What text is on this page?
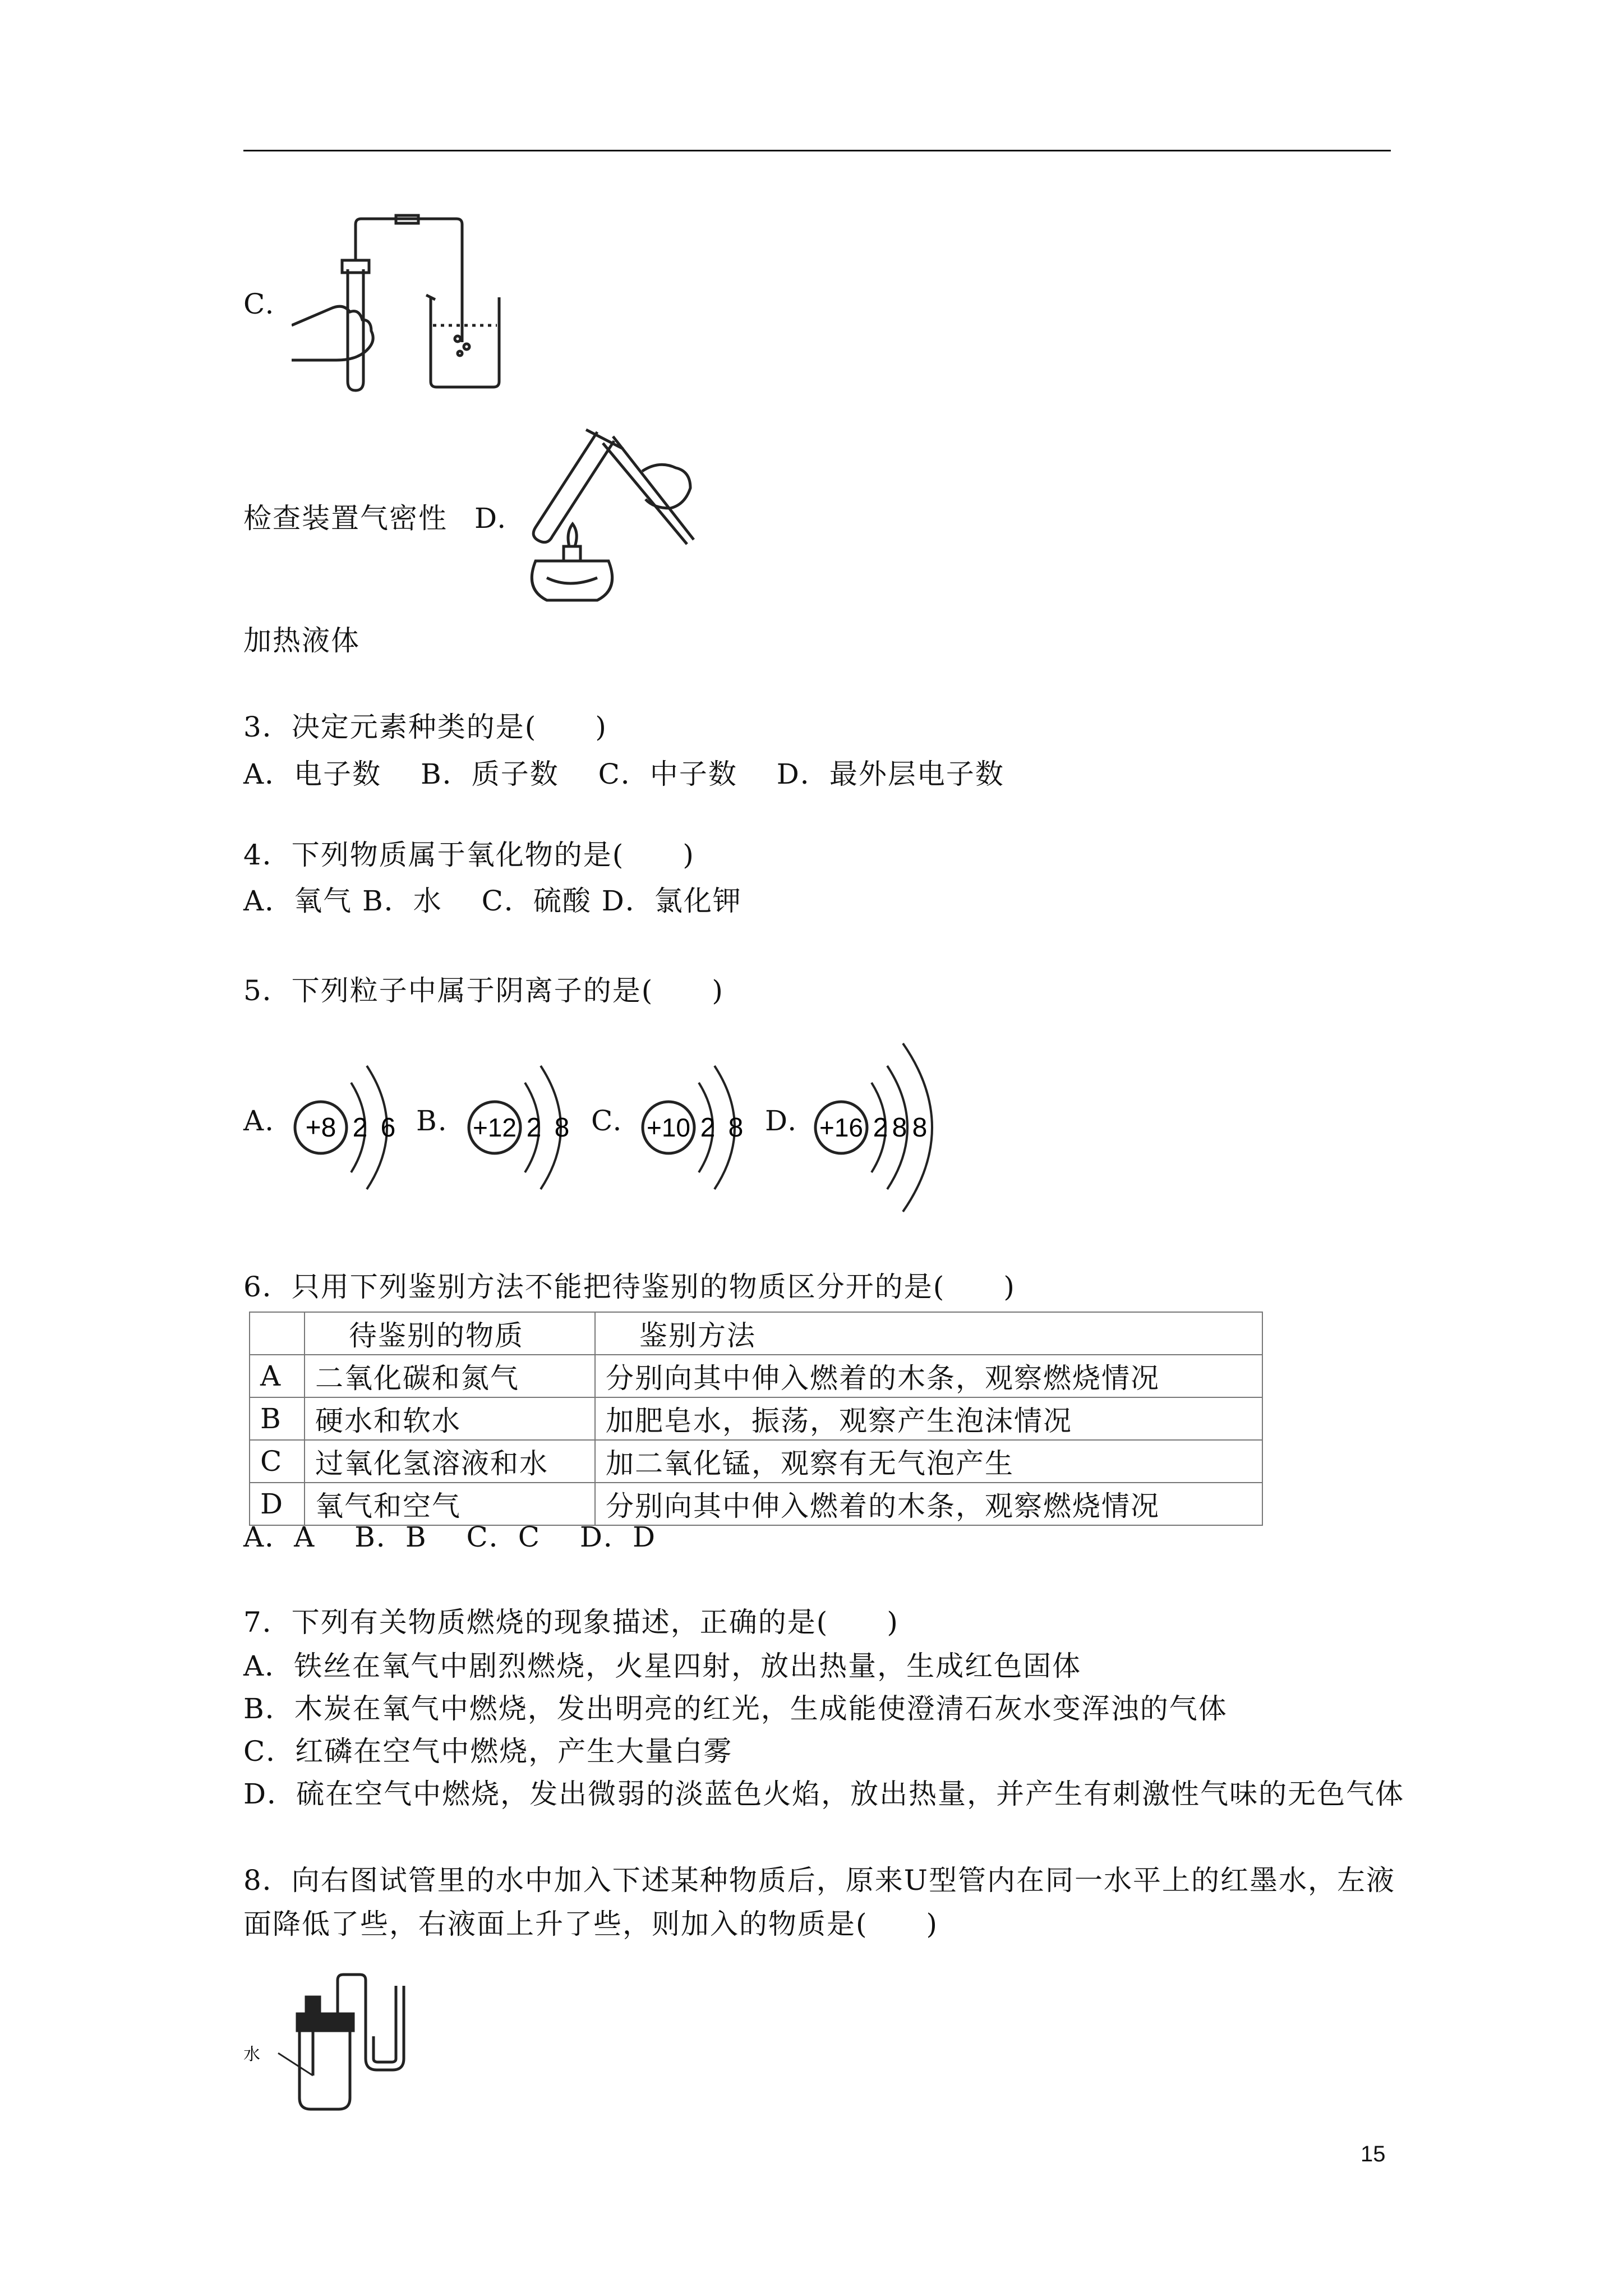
C.
检查装置气密性 D.
加热液体
3．决定元素种类的是(　　)
A．电子数　 B．质子数　 C．中子数　 D．最外层电子数
4．下列物质属于氧化物的是(　　)
A．氧气 B．水　 C．硫酸 D．氯化钾
5．下列粒子中属于阴离子的是(　　)
A. +8 2 6 B. +12 2 8 C. +10 2 8 D. +16 2 8 8
6．只用下列鉴别方法不能把待鉴别的物质区分开的是(　　)
	待鉴别的物质	鉴别方法
A	二氧化碳和氮气	分别向其中伸入燃着的木条，观察燃烧情况
B	硬水和软水	加肥皂水，振荡，观察产生泡沫情况
C	过氧化氢溶液和水	加二氧化锰，观察有无气泡产生
D	氧气和空气	分别向其中伸入燃着的木条，观察燃烧情况
A．A　 B．B　 C．C　 D．D
7．下列有关物质燃烧的现象描述，正确的是(　　)
A．铁丝在氧气中剧烈燃烧，火星四射，放出热量，生成红色固体
B．木炭在氧气中燃烧，发出明亮的红光，生成能使澄清石灰水变浑浊的气体
C．红磷在空气中燃烧，产生大量白雾
D．硫在空气中燃烧，发出微弱的淡蓝色火焰，放出热量，并产生有刺激性气味的无色气体
8．向右图试管里的水中加入下述某种物质后，原来U型管内在同一水平上的红墨水，左液
面降低了些，右液面上升了些，则加入的物质是(　　)
水
15
